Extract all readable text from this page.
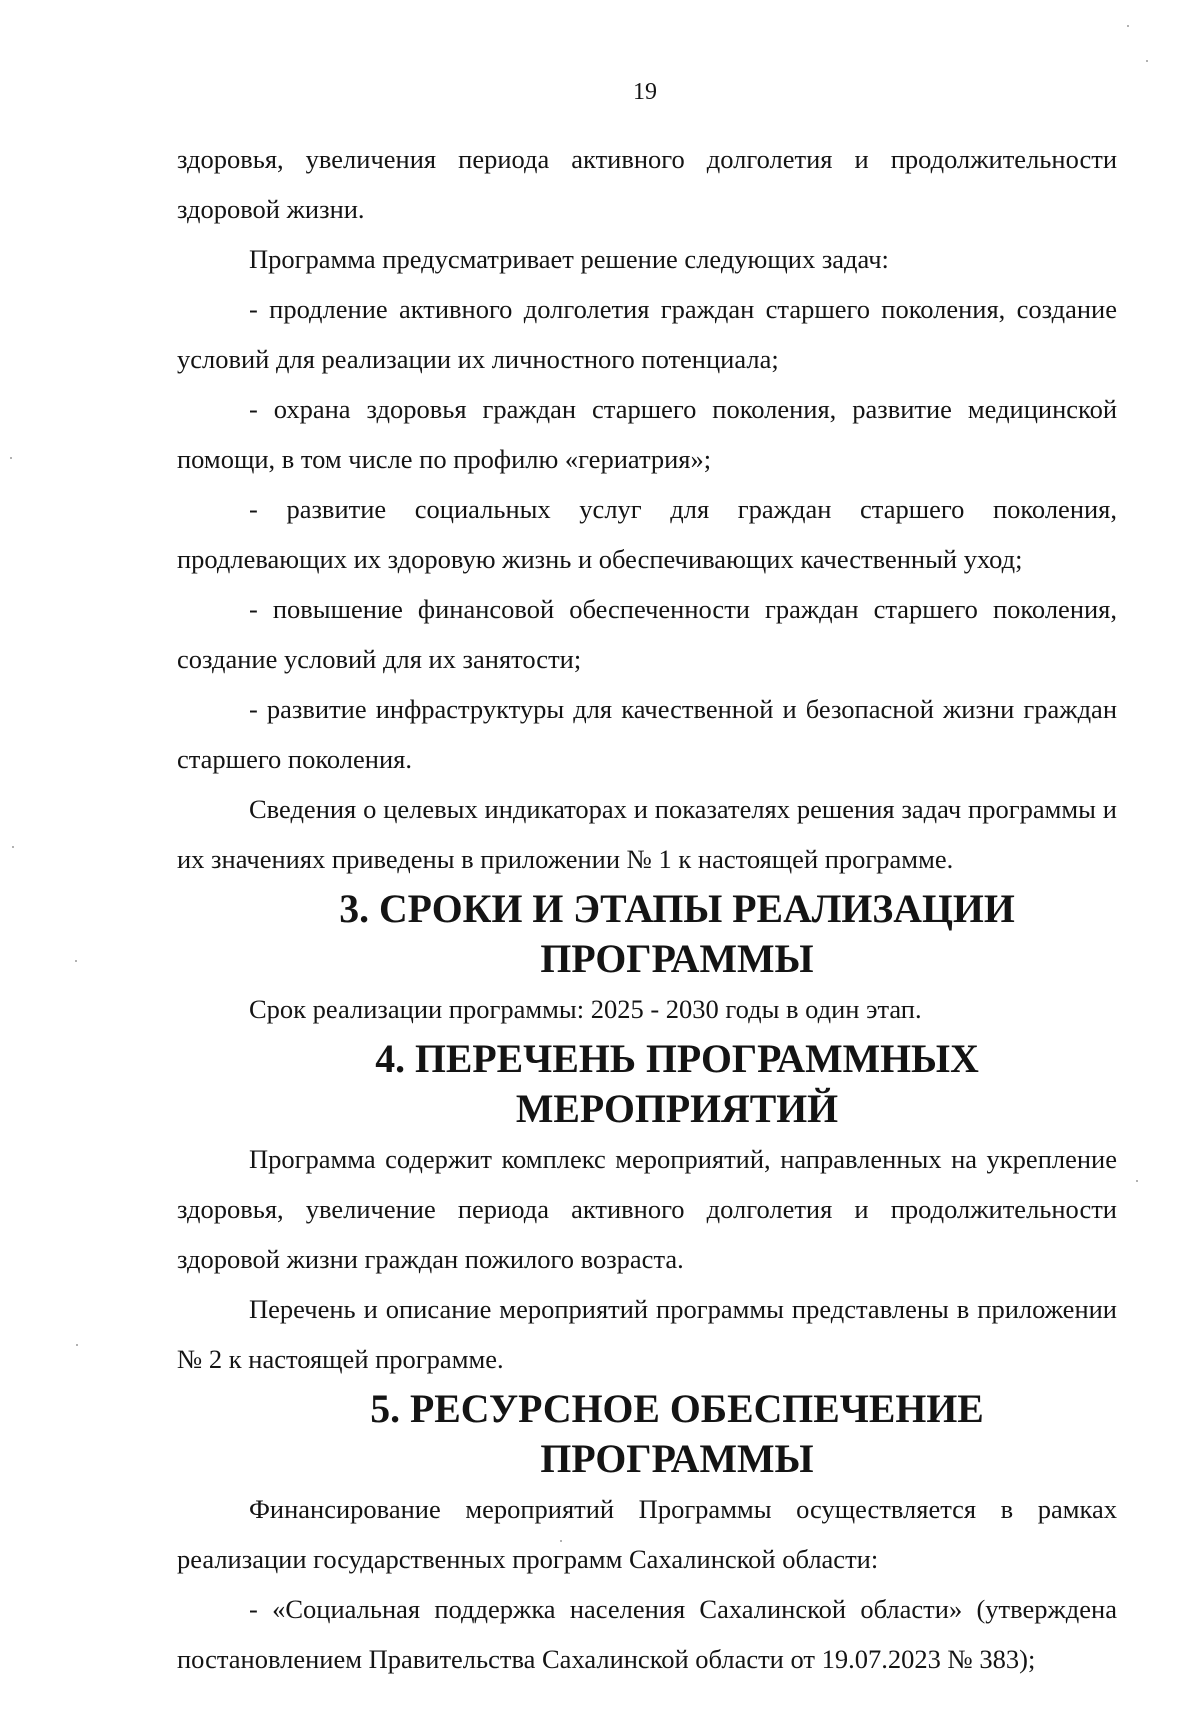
19

здоровья, увеличения периода активного долголетия и продолжительности здоровой жизни.

Программа предусматривает решение следующих задач:

- продление активного долголетия граждан старшего поколения, создание условий для реализации их личностного потенциала;

- охрана здоровья граждан старшего поколения, развитие медицинской помощи, в том числе по профилю «гериатрия»;

- развитие социальных услуг для граждан старшего поколения, продлевающих их здоровую жизнь и обеспечивающих качественный уход;

- повышение финансовой обеспеченности граждан старшего поколения, создание условий для их занятости;

- развитие инфраструктуры для качественной и безопасной жизни граждан старшего поколения.

Сведения о целевых индикаторах и показателях решения задач программы и их значениях приведены в приложении № 1 к настоящей программе.

3. СРОКИ И ЭТАПЫ РЕАЛИЗАЦИИ ПРОГРАММЫ

Срок реализации программы: 2025 - 2030 годы в один этап.

4. ПЕРЕЧЕНЬ ПРОГРАММНЫХ МЕРОПРИЯТИЙ

Программа содержит комплекс мероприятий, направленных на укрепление здоровья, увеличение периода активного долголетия и продолжительности здоровой жизни граждан пожилого возраста.

Перечень и описание мероприятий программы представлены в приложении № 2 к настоящей программе.

5. РЕСУРСНОЕ ОБЕСПЕЧЕНИЕ ПРОГРАММЫ

Финансирование мероприятий Программы осуществляется в рамках реализации государственных программ Сахалинской области:

- «Социальная поддержка населения Сахалинской области» (утверждена постановлением Правительства Сахалинской области от 19.07.2023 № 383);
